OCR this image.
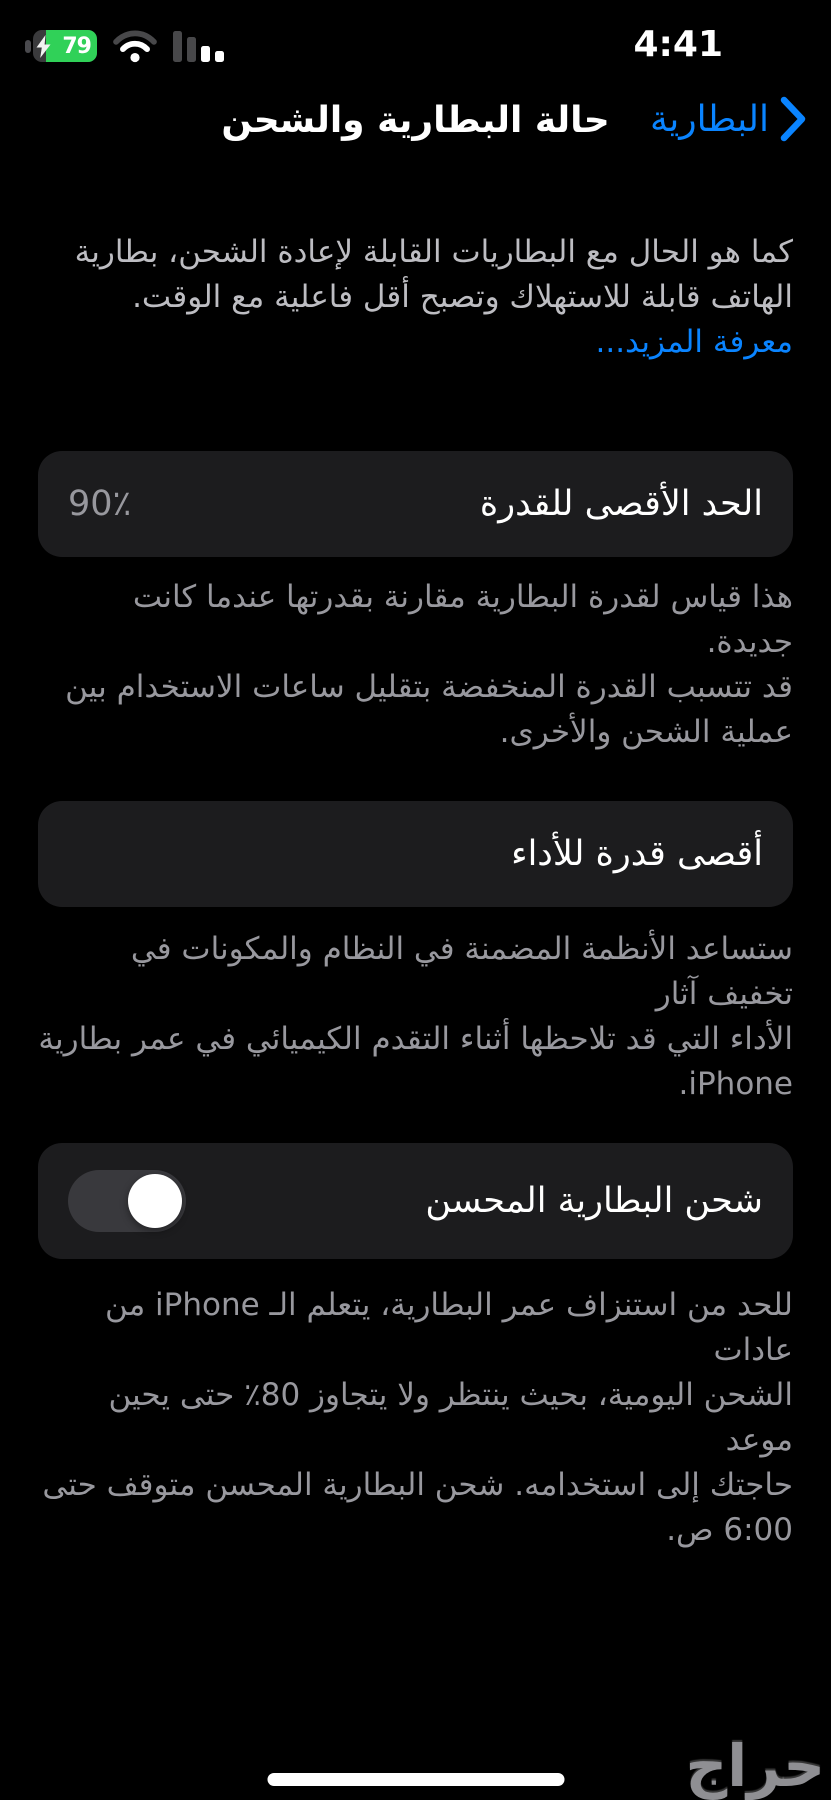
79	4:41
حالة البطارية والشحن	البطارية
كما هو الحال مع البطاريات القابلة لإعادة الشحن، بطارية
الهاتف قابلة للاستهلاك وتصبح أقل فاعلية مع الوقت.
معرفة المزيد...
الحد الأقصى للقدرة
90٪
هذا قياس لقدرة البطارية مقارنة بقدرتها عندما كانت جديدة.
قد تتسبب القدرة المنخفضة بتقليل ساعات الاستخدام بين
عملية الشحن والأخرى.
أقصى قدرة للأداء
ستساعد الأنظمة المضمنة في النظام والمكونات في تخفيف آثار
الأداء التي قد تلاحظها أثناء التقدم الكيميائي في عمر بطارية
iPhone.
شحن البطارية المحسن
للحد من استنزاف عمر البطارية، يتعلم الـ iPhone من عادات
الشحن اليومية، بحيث ينتظر ولا يتجاوز 80٪ حتى يحين موعد
حاجتك إلى استخدامه. شحن البطارية المحسن متوقف حتى
6:00 ص.
حراج
